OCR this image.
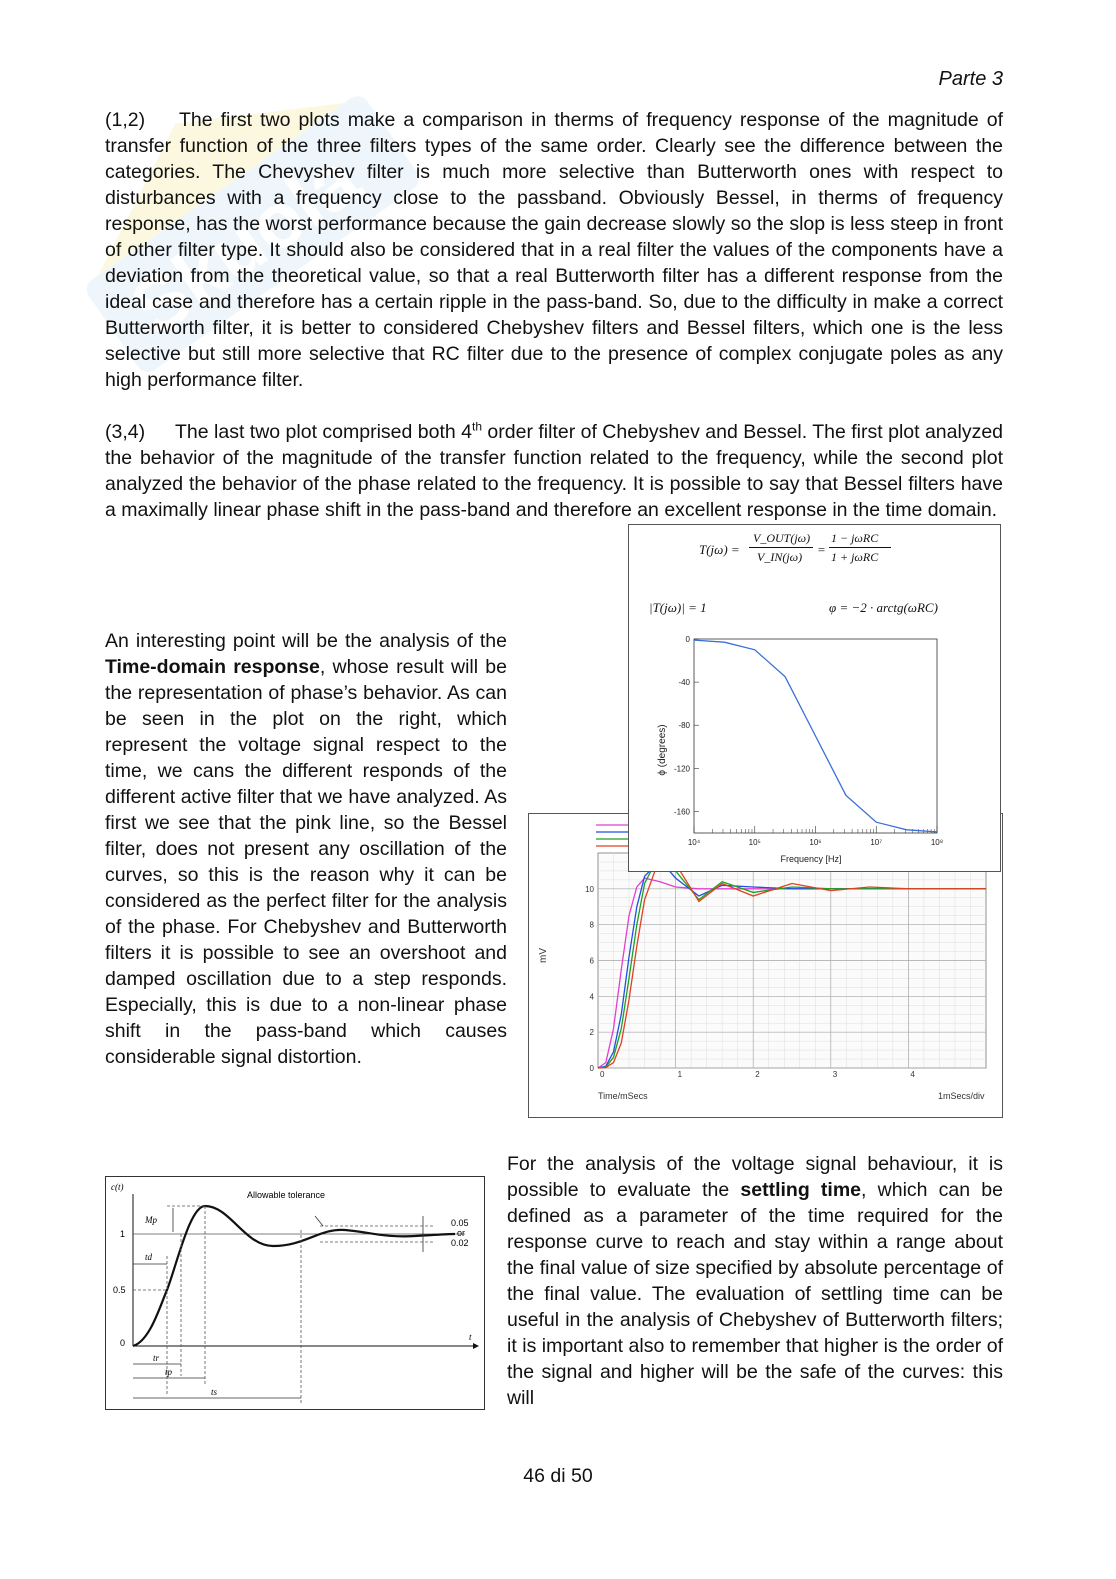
Skuola
Parte 3

(1,2) The first two plots make a comparison in therms of frequency response of the magnitude of transfer function of the three filters types of the same order. Clearly see the difference between the categories. The Chevyshev filter is much more selective than Butterworth ones with respect to disturbances with a frequency close to the passband. Obviously Bessel, in therms of frequency response, has the worst performance because the gain decrease slowly so the slop is less steep in front of other filter type. It should also be considered that in a real filter the values of the components have a deviation from the theoretical value, so that a real Butterworth filter has a different response from the ideal case and therefore has a certain ripple in the pass-band. So, due to the difficulty in make a correct Butterworth filter, it is better to considered Chebyshev filters and Bessel filters, which one is the less selective but still more selective that RC filter due to the presence of complex conjugate poles as any high performance filter.

(3,4) The last two plot comprised both 4th order filter of Chebyshev and Bessel. The first plot analyzed the behavior of the magnitude of the transfer function related to the frequency, while the second plot analyzed the behavior of the phase related to the frequency. It is possible to say that Bessel filters have a maximally linear phase shift in the pass-band and therefore an excellent response in the time domain.

An interesting point will be the analysis of the Time-domain response, whose result will be the representation of phase’s behavior. As can be seen in the plot on the right, which represent the voltage signal respect to the time, we cans the different responds of the different active filter that we have analyzed. As first we see that the pink line, so the Bessel filter, does not present any oscillation of the curves, so this is the reason why it can be considered as the perfect filter for the analysis of the phase. For Chebyshev and Butterworth filters it is possible to see an overshoot and damped oscillation due to a step responds. Especially, this is due to a non-linear phase shift in the pass-band which causes considerable signal distortion.

For the analysis of the voltage signal behaviour, it is possible to evaluate the settling time, which can be defined as a parameter of the time required for the response curve to reach and stay within a range about the final value of size specified by absolute percentage of the final value. The evaluation of settling time can be useful in the analysis of Chebyshev of Butterworth filters; it is important also to remember that higher is the order of the signal and higher will be the safe of the curves: this will

0
2
4
6
8
10
0	1	2	3	4
mV
Time/mSecs	1mSecs/div
T(jω) =
V_OUT(jω)
V_IN(jω) =
1 − jωRC
1 + jωRC
|T(jω)| = 1	φ = −2 · arctg(ωRC)
0
-40
-80
-120
-160
10⁴	10⁵	10⁶	10⁷	10⁸
ϕ (degrees)
Frequency [Hz]
c(t)
Allowable tolerance
0.05
or
0.02
Mp
td
tr
tp
ts
t
1
0.5
0
46 di 50
